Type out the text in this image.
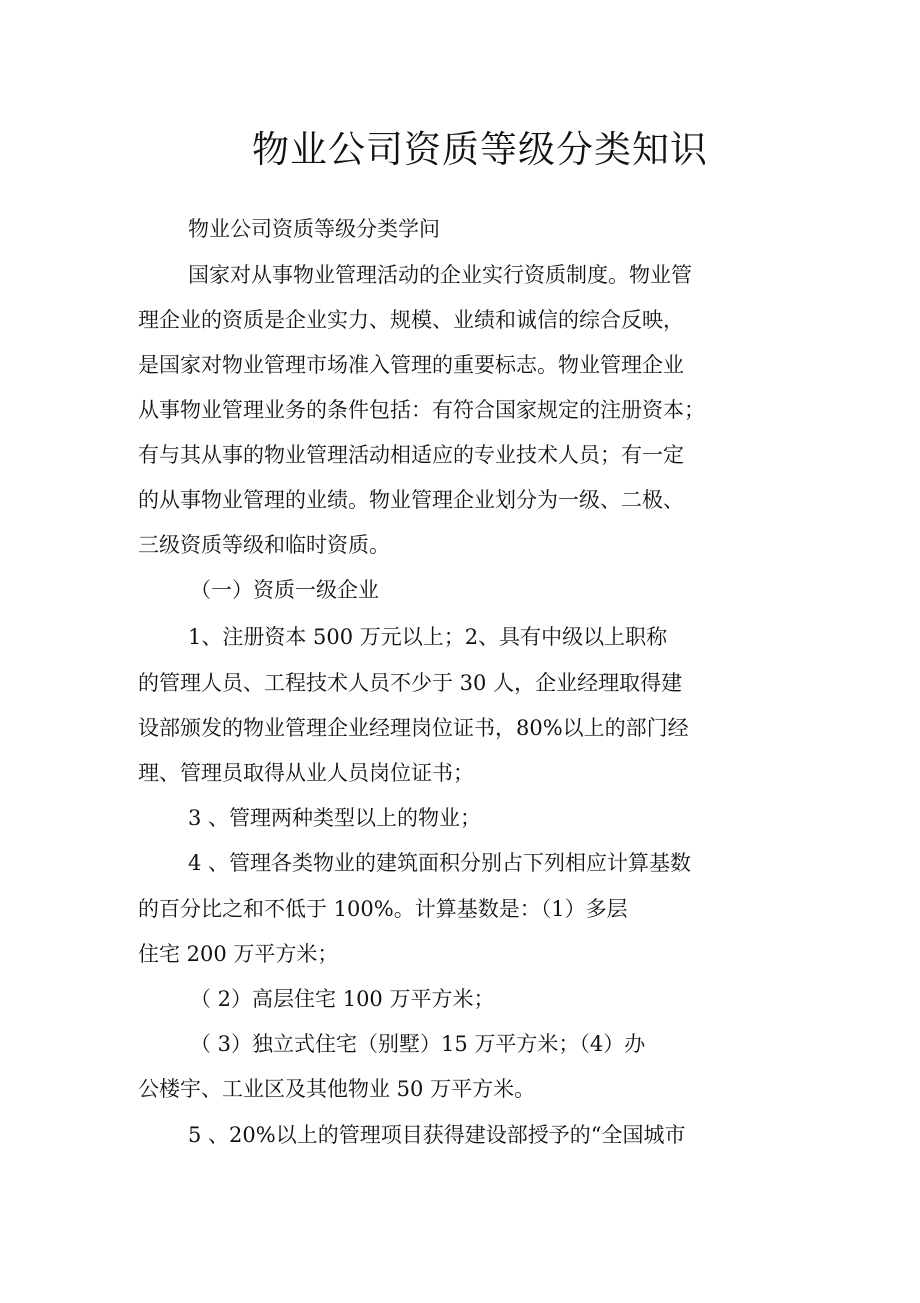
物业公司资质等级分类知识

物业公司资质等级分类学问

国家对从事物业管理活动的企业实行资质制度。物业管

理企业的资质是企业实力、规模、业绩和诚信的综合反映，

是国家对物业管理市场准入管理的重要标志。物业管理企业

从事物业管理业务的条件包括：有符合国家规定的注册资本；

有与其从事的物业管理活动相适应的专业技术人员；有一定

的从事物业管理的业绩。物业管理企业划分为一级、二极、

三级资质等级和临时资质。

（一）资质一级企业

1、注册资本 500 万元以上；2、具有中级以上职称

的管理人员、工程技术人员不少于 30 人，企业经理取得建

设部颁发的物业管理企业经理岗位证书，80%以上的部门经

理、管理员取得从业人员岗位证书；

3 、管理两种类型以上的物业；

4 、管理各类物业的建筑面积分别占下列相应计算基数

的百分比之和不低于 100%。计算基数是：（1）多层

住宅 200 万平方米；

（ 2）高层住宅 100 万平方米；

（ 3）独立式住宅（别墅）15 万平方米；（4）办

公楼宇、工业区及其他物业 50 万平方米。

5 、20%以上的管理项目获得建设部授予的“全国城市
